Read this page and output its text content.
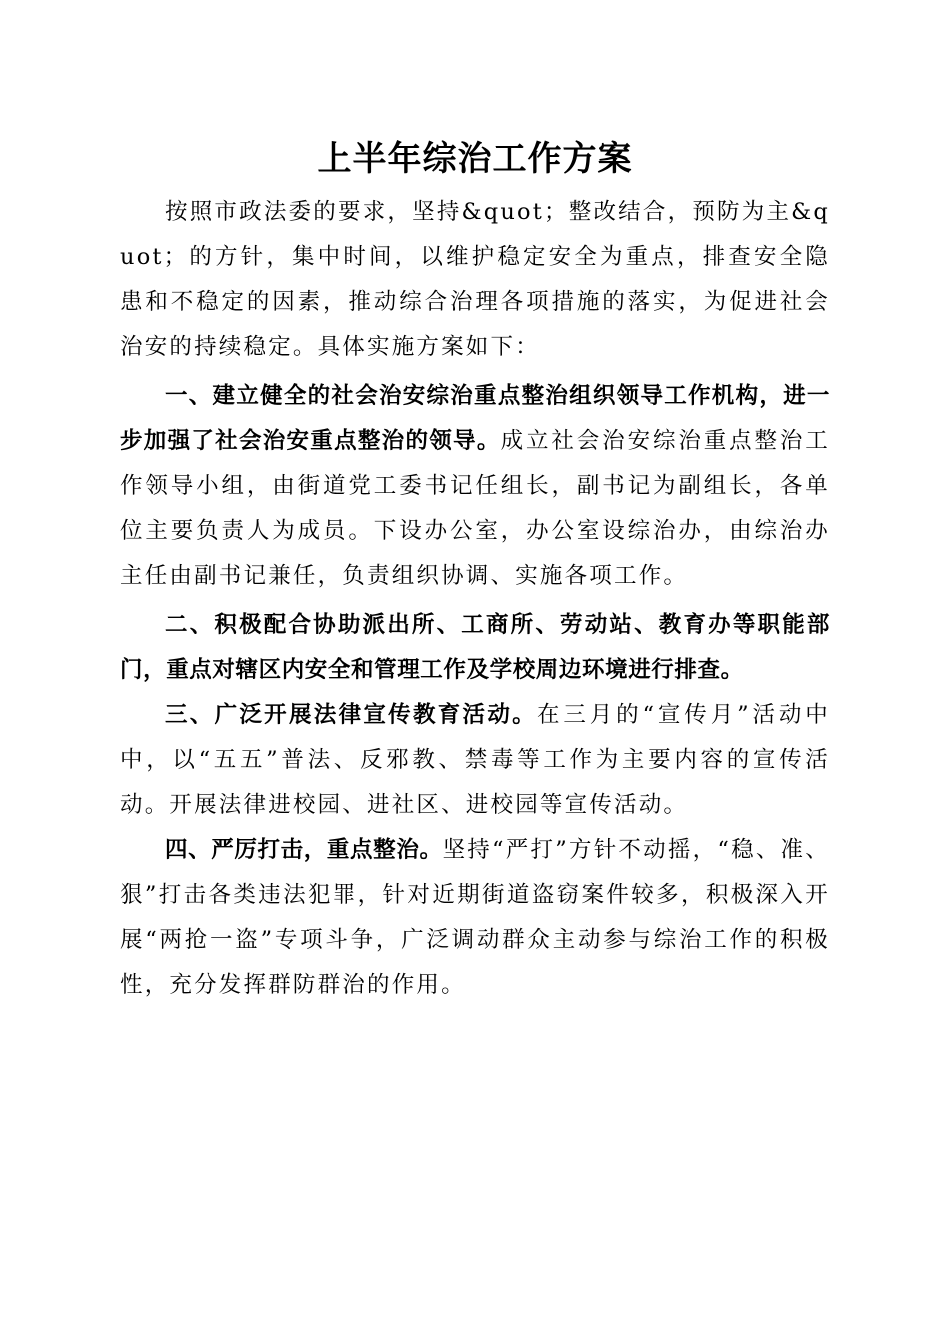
上半年综治工作方案

按照市政法委的要求，坚持&quot；整改结合，预防为主&quot；的方针，集中时间，以维护稳定安全为重点，排查安全隐患和不稳定的因素，推动综合治理各项措施的落实，为促进社会治安的持续稳定。具体实施方案如下：

一、建立健全的社会治安综治重点整治组织领导工作机构，进一步加强了社会治安重点整治的领导。成立社会治安综治重点整治工作领导小组，由街道党工委书记任组长，副书记为副组长，各单位主要负责人为成员。下设办公室，办公室设综治办，由综治办主任由副书记兼任，负责组织协调、实施各项工作。

二、积极配合协助派出所、工商所、劳动站、教育办等职能部门，重点对辖区内安全和管理工作及学校周边环境进行排查。

三、广泛开展法律宣传教育活动。在三月的“宣传月”活动中中，以“五五”普法、反邪教、禁毒等工作为主要内容的宣传活动。开展法律进校园、进社区、进校园等宣传活动。

四、严厉打击，重点整治。坚持“严打”方针不动摇，“稳、准、狠”打击各类违法犯罪，针对近期街道盗窃案件较多，积极深入开展“两抢一盗”专项斗争，广泛调动群众主动参与综治工作的积极性，充分发挥群防群治的作用。
